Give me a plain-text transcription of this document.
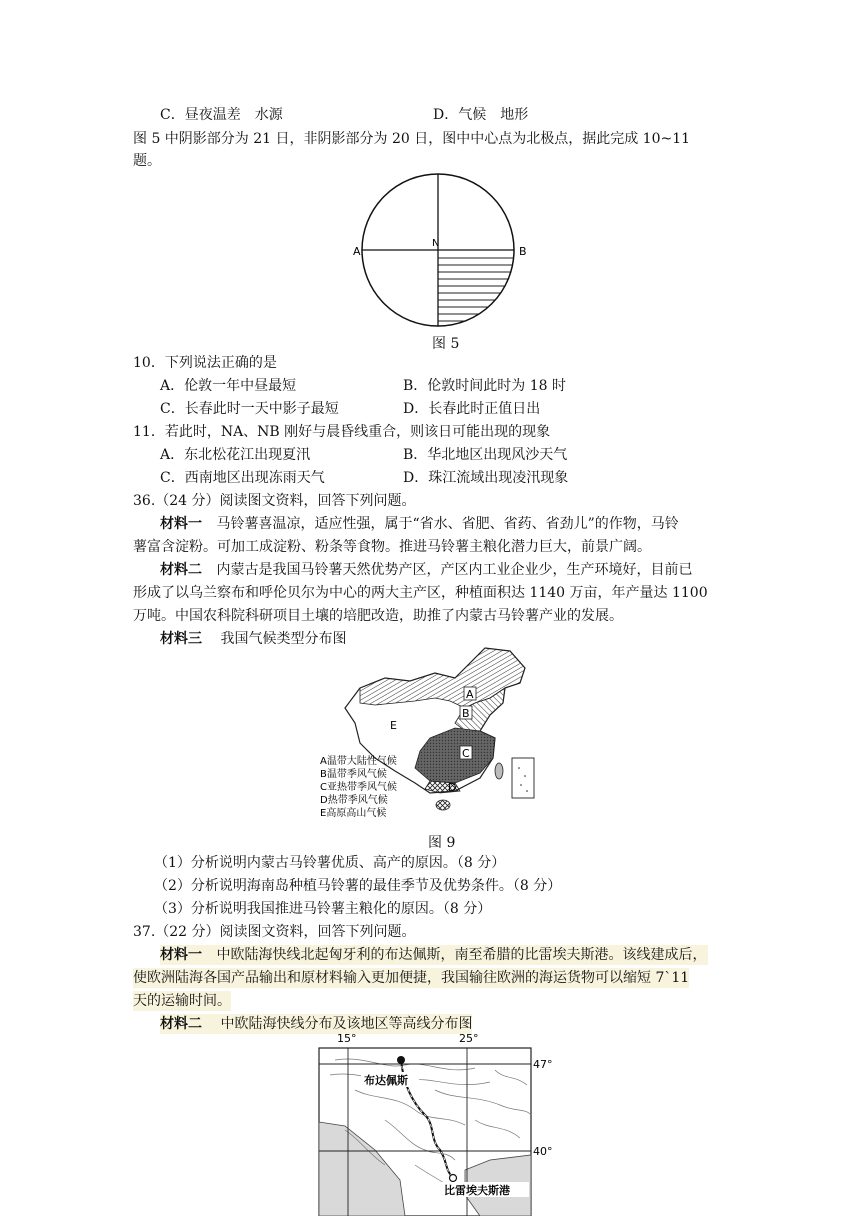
C．昼夜温差　水源	D．气候　地形
图 5 中阴影部分为 21 日，非阴影部分为 20 日，图中中心点为北极点，据此完成 10~11
题。
A	B
N
图 5
10．下列说法正确的是
A．伦敦一年中昼最短	B．伦敦时间此时为 18 时
C．长春此时一天中影子最短	D．长春此时正值日出
11．若此时，NA、NB 刚好与晨昏线重合，则该日可能出现的现象
A．东北松花江出现夏汛	B．华北地区出现风沙天气
C．西南地区出现冻雨天气	D．珠江流域出现凌汛现象
36.（24 分）阅读图文资料，回答下列问题。
材料一 马铃薯喜温凉，适应性强，属于“省水、省肥、省药、省劲儿”的作物，马铃
薯富含淀粉。可加工成淀粉、粉条等食物。推进马铃薯主粮化潜力巨大，前景广阔。
材料二 内蒙古是我国马铃薯天然优势产区，产区内工业企业少，生产环境好，目前已
形成了以乌兰察布和呼伦贝尔为中心的两大主产区，种植面积达 1140 万亩，年产量达 1100
万吨。中国农科院科研项目土壤的培肥改造，助推了内蒙古马铃薯产业的发展。
材料三 我国气候类型分布图
A
B
C
D
E
A温带大陆性气候
B温带季风气候
C亚热带季风气候
D热带季风气候
E高原高山气候
图 9
（1）分析说明内蒙古马铃薯优质、高产的原因。（8 分）
（2）分析说明海南岛种植马铃薯的最佳季节及优势条件。（8 分）
（3）分析说明我国推进马铃薯主粮化的原因。（8 分）
37.（22 分）阅读图文资料，回答下列问题。
材料一 中欧陆海快线北起匈牙利的布达佩斯，南至希腊的比雷埃夫斯港。该线建成后，
使欧洲陆海各国产品输出和原材料输入更加便捷，我国输往欧洲的海运货物可以缩短 7`11
天的运输时间。
材料二 中欧陆海快线分布及该地区等高线分布图
15°	25°
47°
40°
布达佩斯
比雷埃夫斯港
